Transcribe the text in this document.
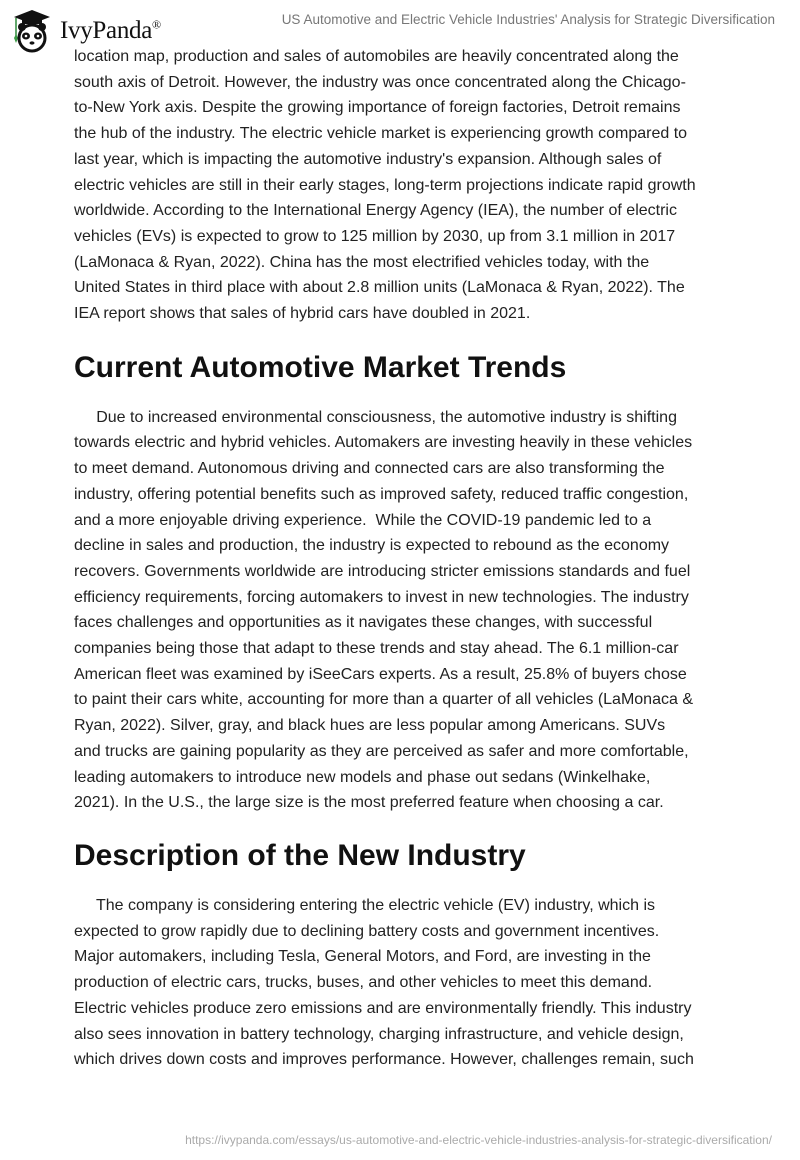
IvyPanda®	US Automotive and Electric Vehicle Industries' Analysis for Strategic Diversification

location map, production and sales of automobiles are heavily concentrated along the
south axis of Detroit. However, the industry was once concentrated along the Chicago-
to-New York axis. Despite the growing importance of foreign factories, Detroit remains
the hub of the industry. The electric vehicle market is experiencing growth compared to
last year, which is impacting the automotive industry's expansion. Although sales of
electric vehicles are still in their early stages, long-term projections indicate rapid growth
worldwide. According to the International Energy Agency (IEA), the number of electric
vehicles (EVs) is expected to grow to 125 million by 2030, up from 3.1 million in 2017
(LaMonaca & Ryan, 2022). China has the most electrified vehicles today, with the
United States in third place with about 2.8 million units (LaMonaca & Ryan, 2022). The
IEA report shows that sales of hybrid cars have doubled in 2021.

Current Automotive Market Trends

Due to increased environmental consciousness, the automotive industry is shifting
towards electric and hybrid vehicles. Automakers are investing heavily in these vehicles
to meet demand. Autonomous driving and connected cars are also transforming the
industry, offering potential benefits such as improved safety, reduced traffic congestion,
and a more enjoyable driving experience.  While the COVID-19 pandemic led to a
decline in sales and production, the industry is expected to rebound as the economy
recovers. Governments worldwide are introducing stricter emissions standards and fuel
efficiency requirements, forcing automakers to invest in new technologies. The industry
faces challenges and opportunities as it navigates these changes, with successful
companies being those that adapt to these trends and stay ahead. The 6.1 million-car
American fleet was examined by iSeeCars experts. As a result, 25.8% of buyers chose
to paint their cars white, accounting for more than a quarter of all vehicles (LaMonaca &
Ryan, 2022). Silver, gray, and black hues are less popular among Americans. SUVs
and trucks are gaining popularity as they are perceived as safer and more comfortable,
leading automakers to introduce new models and phase out sedans (Winkelhake,
2021). In the U.S., the large size is the most preferred feature when choosing a car.

Description of the New Industry

The company is considering entering the electric vehicle (EV) industry, which is
expected to grow rapidly due to declining battery costs and government incentives.
Major automakers, including Tesla, General Motors, and Ford, are investing in the
production of electric cars, trucks, buses, and other vehicles to meet this demand.
Electric vehicles produce zero emissions and are environmentally friendly. This industry
also sees innovation in battery technology, charging infrastructure, and vehicle design,
which drives down costs and improves performance. However, challenges remain, such

https://ivypanda.com/essays/us-automotive-and-electric-vehicle-industries-analysis-for-strategic-diversification/
